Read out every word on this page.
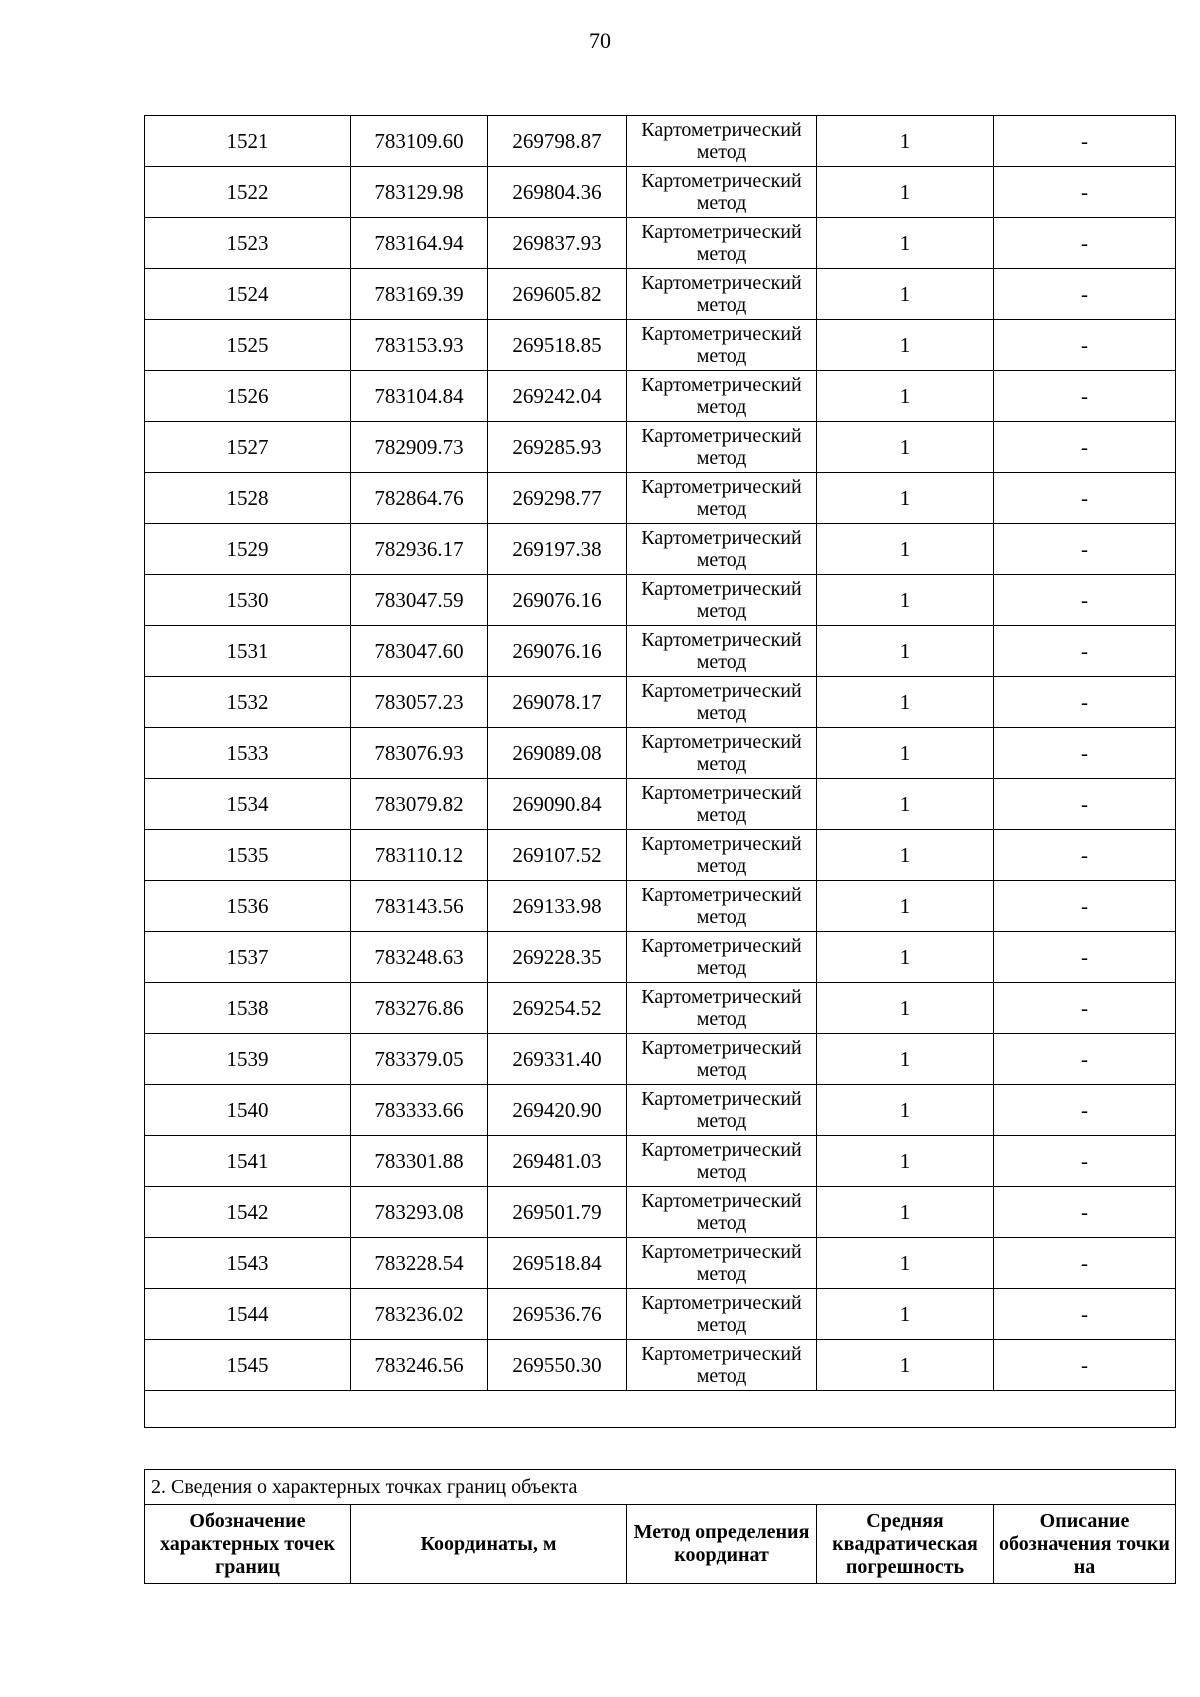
70
1521	783109.60	269798.87	Картометрический метод	1	-
1522	783129.98	269804.36	Картометрический метод	1	-
1523	783164.94	269837.93	Картометрический метод	1	-
1524	783169.39	269605.82	Картометрический метод	1	-
1525	783153.93	269518.85	Картометрический метод	1	-
1526	783104.84	269242.04	Картометрический метод	1	-
1527	782909.73	269285.93	Картометрический метод	1	-
1528	782864.76	269298.77	Картометрический метод	1	-
1529	782936.17	269197.38	Картометрический метод	1	-
1530	783047.59	269076.16	Картометрический метод	1	-
1531	783047.60	269076.16	Картометрический метод	1	-
1532	783057.23	269078.17	Картометрический метод	1	-
1533	783076.93	269089.08	Картометрический метод	1	-
1534	783079.82	269090.84	Картометрический метод	1	-
1535	783110.12	269107.52	Картометрический метод	1	-
1536	783143.56	269133.98	Картометрический метод	1	-
1537	783248.63	269228.35	Картометрический метод	1	-
1538	783276.86	269254.52	Картометрический метод	1	-
1539	783379.05	269331.40	Картометрический метод	1	-
1540	783333.66	269420.90	Картометрический метод	1	-
1541	783301.88	269481.03	Картометрический метод	1	-
1542	783293.08	269501.79	Картометрический метод	1	-
1543	783228.54	269518.84	Картометрический метод	1	-
1544	783236.02	269536.76	Картометрический метод	1	-
1545	783246.56	269550.30	Картометрический метод	1	-

2. Сведения о характерных точках границ объекта
Обозначение характерных точек границ	Координаты, м	Метод определения координат	Средняя квадратическая погрешность	Описание обозначения точки на
